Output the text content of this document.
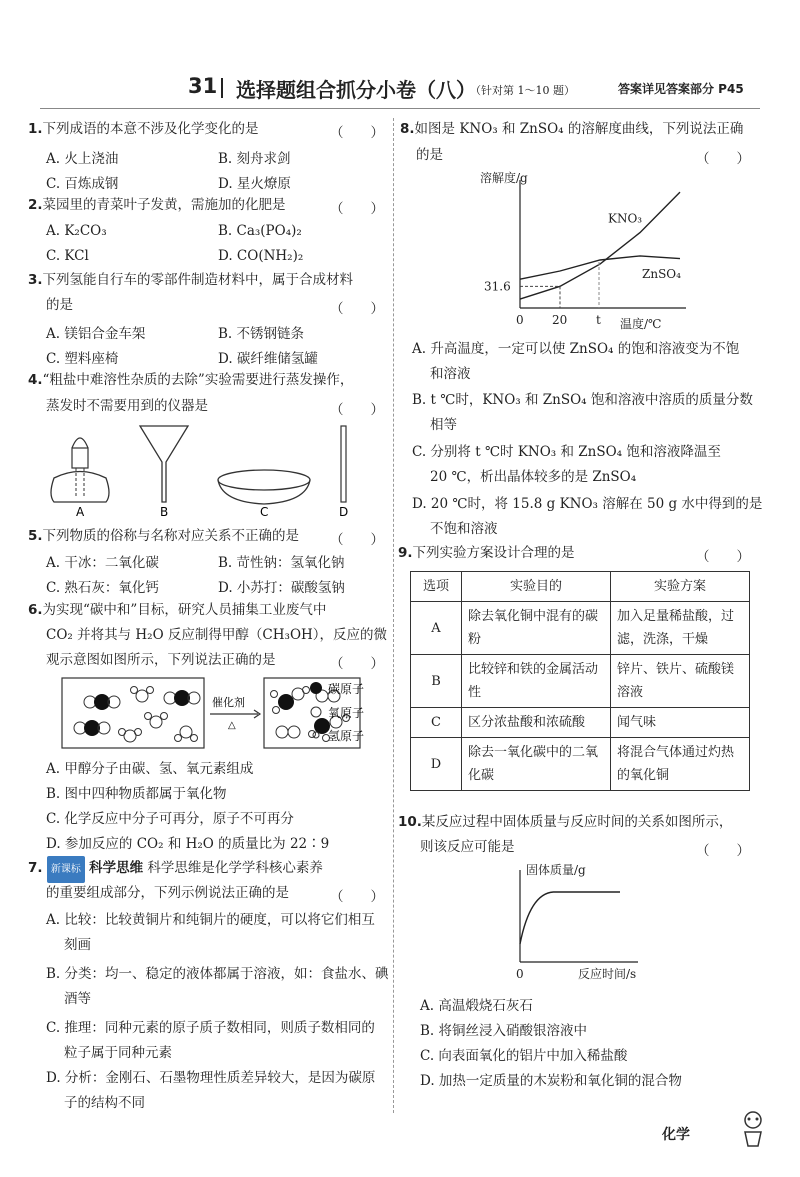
31 选择题组合抓分小卷（八）
（针对第 1～10 题）	答案详见答案部分 P45
1.下列成语的本意不涉及化学变化的是	（　　）
A. 火上浇油	B. 刻舟求剑
C. 百炼成钢	D. 星火燎原
2.菜园里的青菜叶子发黄，需施加的化肥是	（　　）
A. K₂CO₃	B. Ca₃(PO₄)₂
C. KCl	D. CO(NH₂)₂
3.下列氢能自行车的零部件制造材料中，属于合成材料
的是	（　　）
A. 镁铝合金车架	B. 不锈钢链条
C. 塑料座椅	D. 碳纤维储氢罐
4.“粗盐中难溶性杂质的去除”实验需要进行蒸发操作，
蒸发时不需要用到的仪器是	（　　）
A	B	C	D
5.下列物质的俗称与名称对应关系不正确的是 （　　）
A. 干冰：二氧化碳	B. 苛性钠：氢氧化钠
C. 熟石灰：氧化钙	D. 小苏打：碳酸氢钠
6.为实现“碳中和”目标，研究人员捕集工业废气中
CO₂ 并将其与 H₂O 反应制得甲醇（CH₃OH），反应的微
观示意图如图所示，下列说法正确的是	（　　）
催化剂
△
碳原子
氧原子
氢原子
A. 甲醇分子由碳、氢、氧元素组成
B. 图中四种物质都属于氧化物
C. 化学反应中分子可再分，原子不可再分
D. 参加反应的 CO₂ 和 H₂O 的质量比为 22∶9
7. 新课标 科学思维 科学思维是化学学科核心素养
的重要组成部分，下列示例说法正确的是	（　　）
A. 比较：比较黄铜片和纯铜片的硬度，可以将它们相互
刻画
B. 分类：均一、稳定的液体都属于溶液，如：食盐水、碘
酒等
C. 推理：同种元素的原子质子数相同，则质子数相同的
粒子属于同种元素
D. 分析：金刚石、石墨物理性质差异较大，是因为碳原
子的结构不同
8.如图是 KNO₃ 和 ZnSO₄ 的溶解度曲线，下列说法正确
的是	（　　）
溶解度/g
温度/℃
31.6
0 20 t
KNO₃
ZnSO₄
A. 升高温度，一定可以使 ZnSO₄ 的饱和溶液变为不饱
和溶液
B. t ℃时，KNO₃ 和 ZnSO₄ 饱和溶液中溶质的质量分数
相等
C. 分别将 t ℃时 KNO₃ 和 ZnSO₄ 饱和溶液降温至
20 ℃，析出晶体较多的是 ZnSO₄
D. 20 ℃时，将 15.8 g KNO₃ 溶解在 50 g 水中得到的是
不饱和溶液
9.下列实验方案设计合理的是	（　　）
选项	实验目的	实验方案
A	除去氧化铜中混有的碳粉	加入足量稀盐酸，过滤，洗涤，干燥
B	比较锌和铁的金属活动性	锌片、铁片、硫酸镁溶液
C	区分浓盐酸和浓硫酸	闻气味
D	除去一氧化碳中的二氧化碳	将混合气体通过灼热的氧化铜
10.某反应过程中固体质量与反应时间的关系如图所示，
则该反应可能是	（　　）
固体质量/g
反应时间/s
0
A. 高温煅烧石灰石
B. 将铜丝浸入硝酸银溶液中
C. 向表面氧化的铝片中加入稀盐酸
D. 加热一定质量的木炭粉和氧化铜的混合物
化学
